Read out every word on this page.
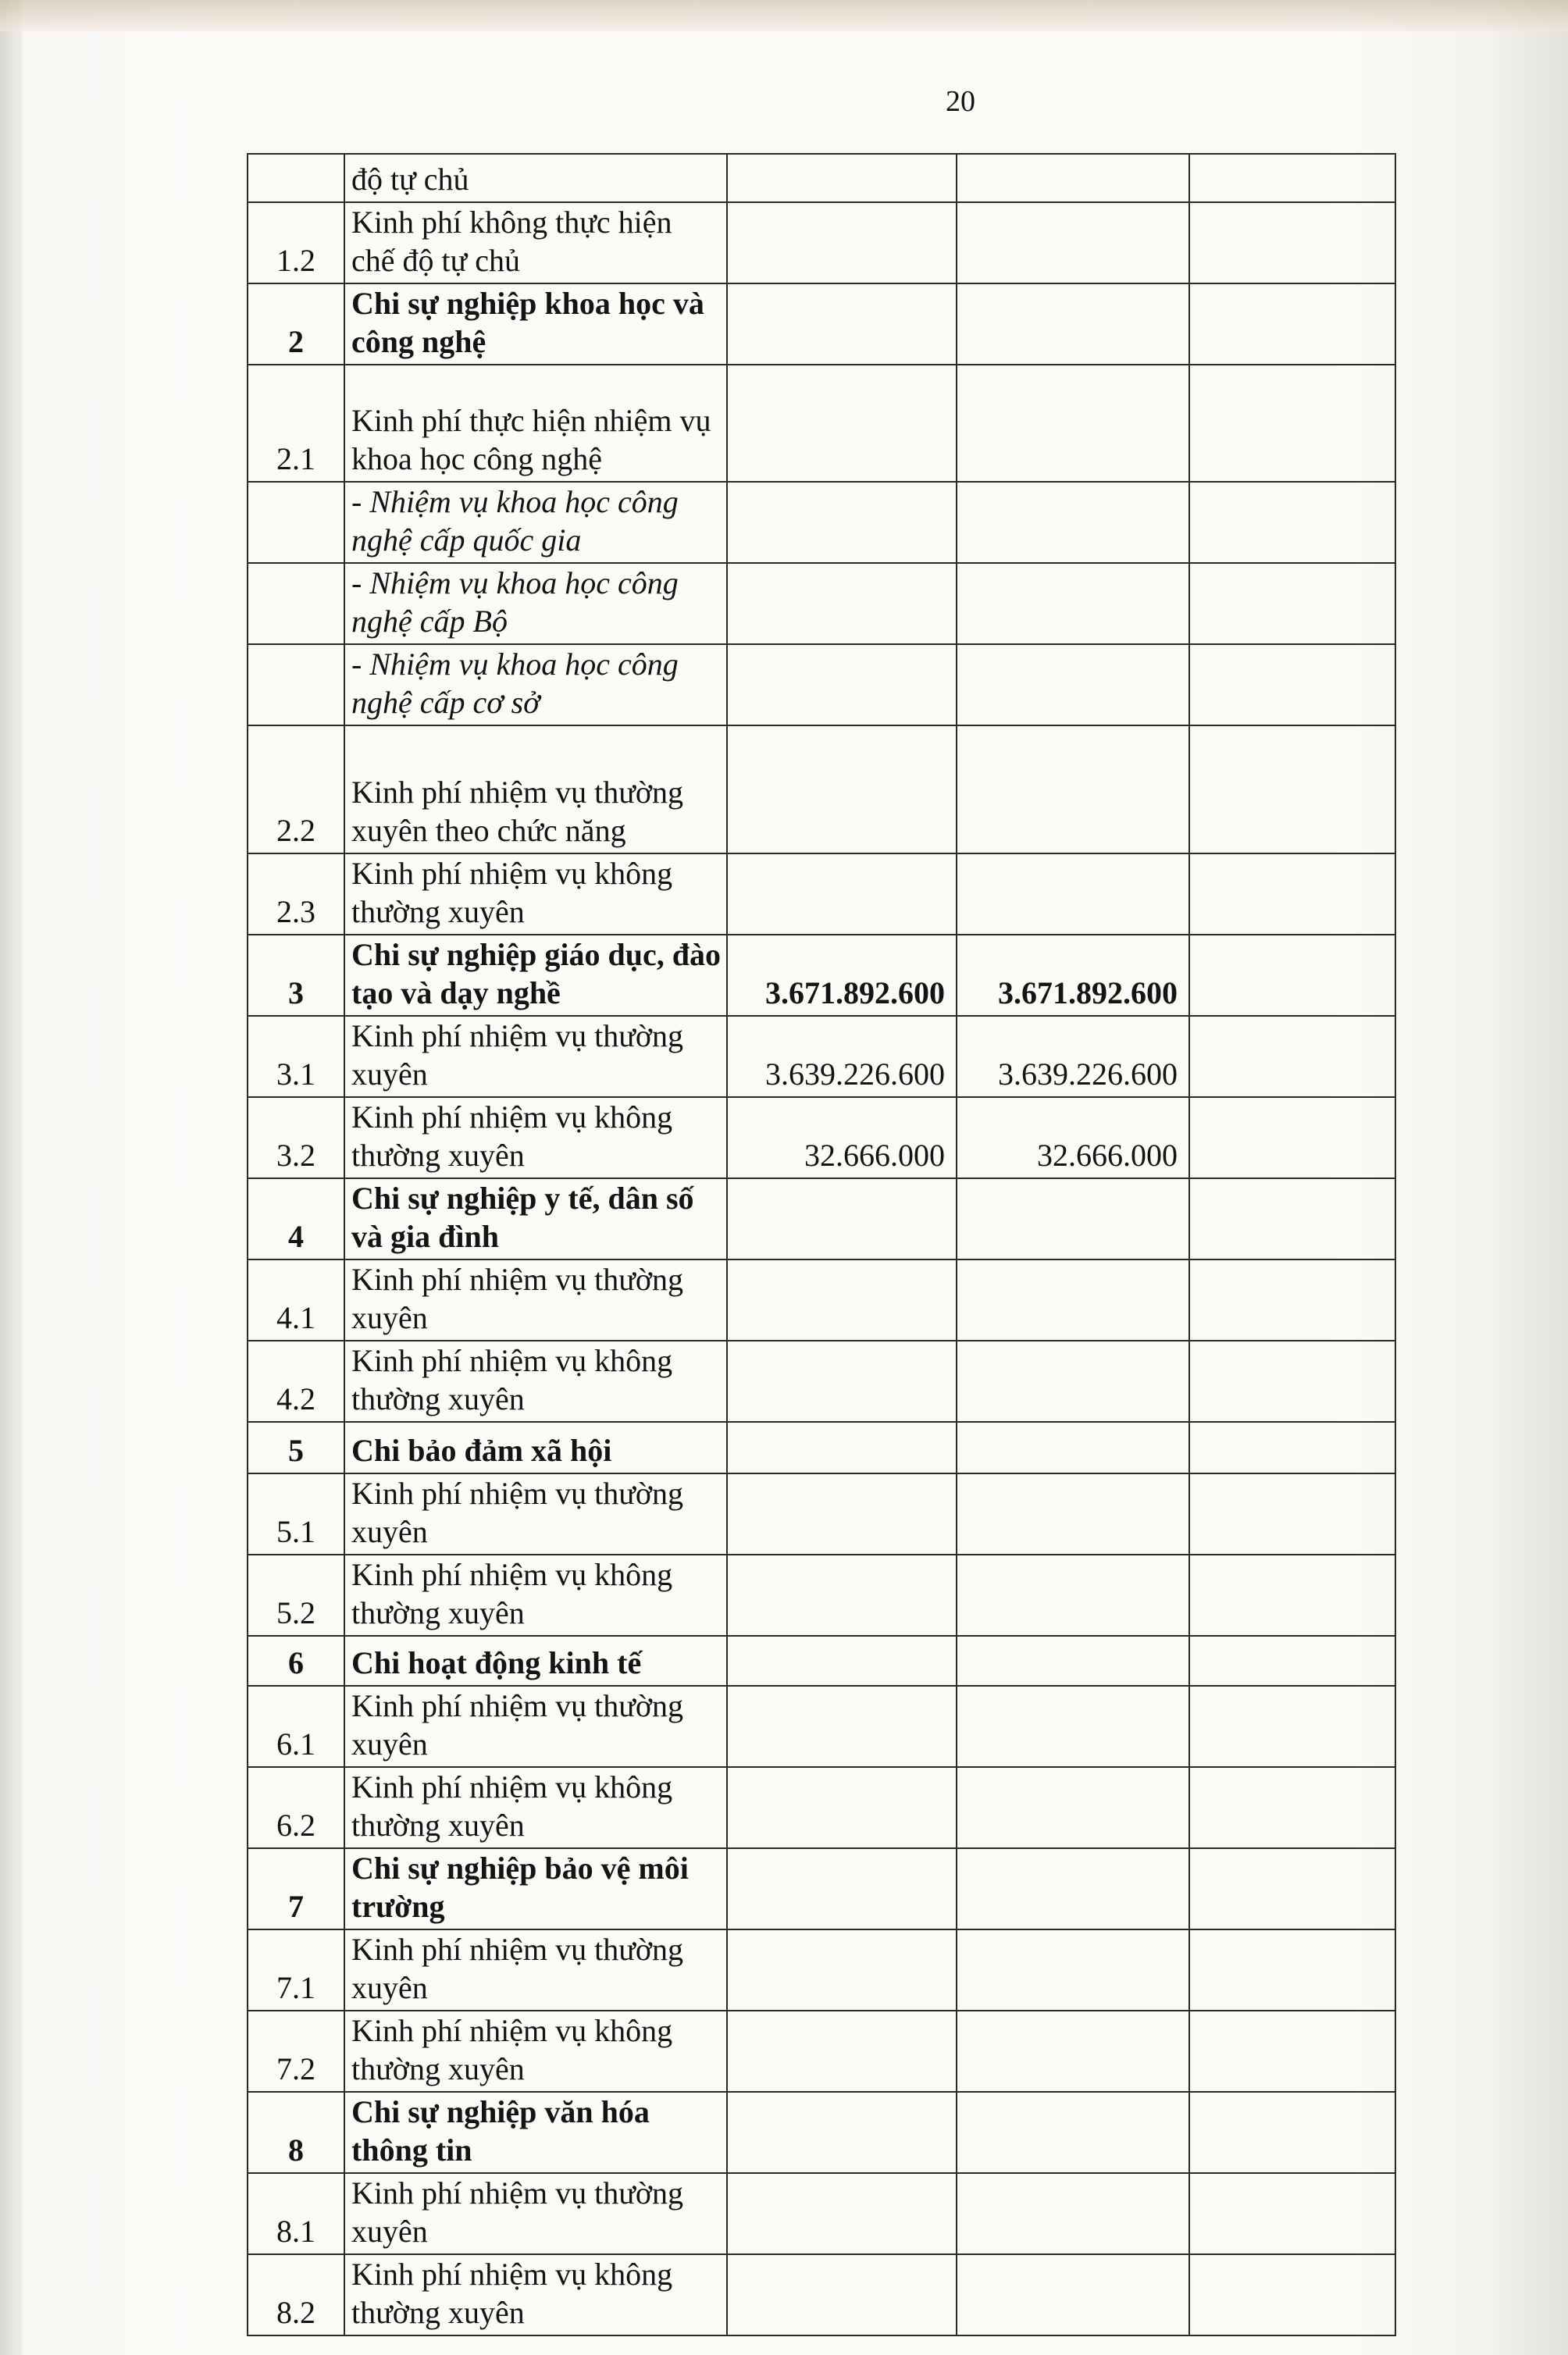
20
	độ tự chủ			
1.2	Kinh phí không thực hiện chế độ tự chủ			
2	Chi sự nghiệp khoa học và công nghệ			
2.1	Kinh phí thực hiện nhiệm vụ khoa học công nghệ			
	- Nhiệm vụ khoa học công nghệ cấp quốc gia			
	- Nhiệm vụ khoa học công nghệ cấp Bộ			
	- Nhiệm vụ khoa học công nghệ cấp cơ sở			
2.2	Kinh phí nhiệm vụ thường xuyên theo chức năng			
2.3	Kinh phí nhiệm vụ không thường xuyên			
3	Chi sự nghiệp giáo dục, đào tạo và dạy nghề	3.671.892.600	3.671.892.600	
3.1	Kinh phí nhiệm vụ thường xuyên	3.639.226.600	3.639.226.600	
3.2	Kinh phí nhiệm vụ không thường xuyên	32.666.000	32.666.000	
4	Chi sự nghiệp y tế, dân số và gia đình			
4.1	Kinh phí nhiệm vụ thường xuyên			
4.2	Kinh phí nhiệm vụ không thường xuyên			
5	Chi bảo đảm xã hội			
5.1	Kinh phí nhiệm vụ thường xuyên			
5.2	Kinh phí nhiệm vụ không thường xuyên			
6	Chi hoạt động kinh tế			
6.1	Kinh phí nhiệm vụ thường xuyên			
6.2	Kinh phí nhiệm vụ không thường xuyên			
7	Chi sự nghiệp bảo vệ môi trường			
7.1	Kinh phí nhiệm vụ thường xuyên			
7.2	Kinh phí nhiệm vụ không thường xuyên			
8	Chi sự nghiệp văn hóa thông tin			
8.1	Kinh phí nhiệm vụ thường xuyên			
8.2	Kinh phí nhiệm vụ không thường xuyên			
